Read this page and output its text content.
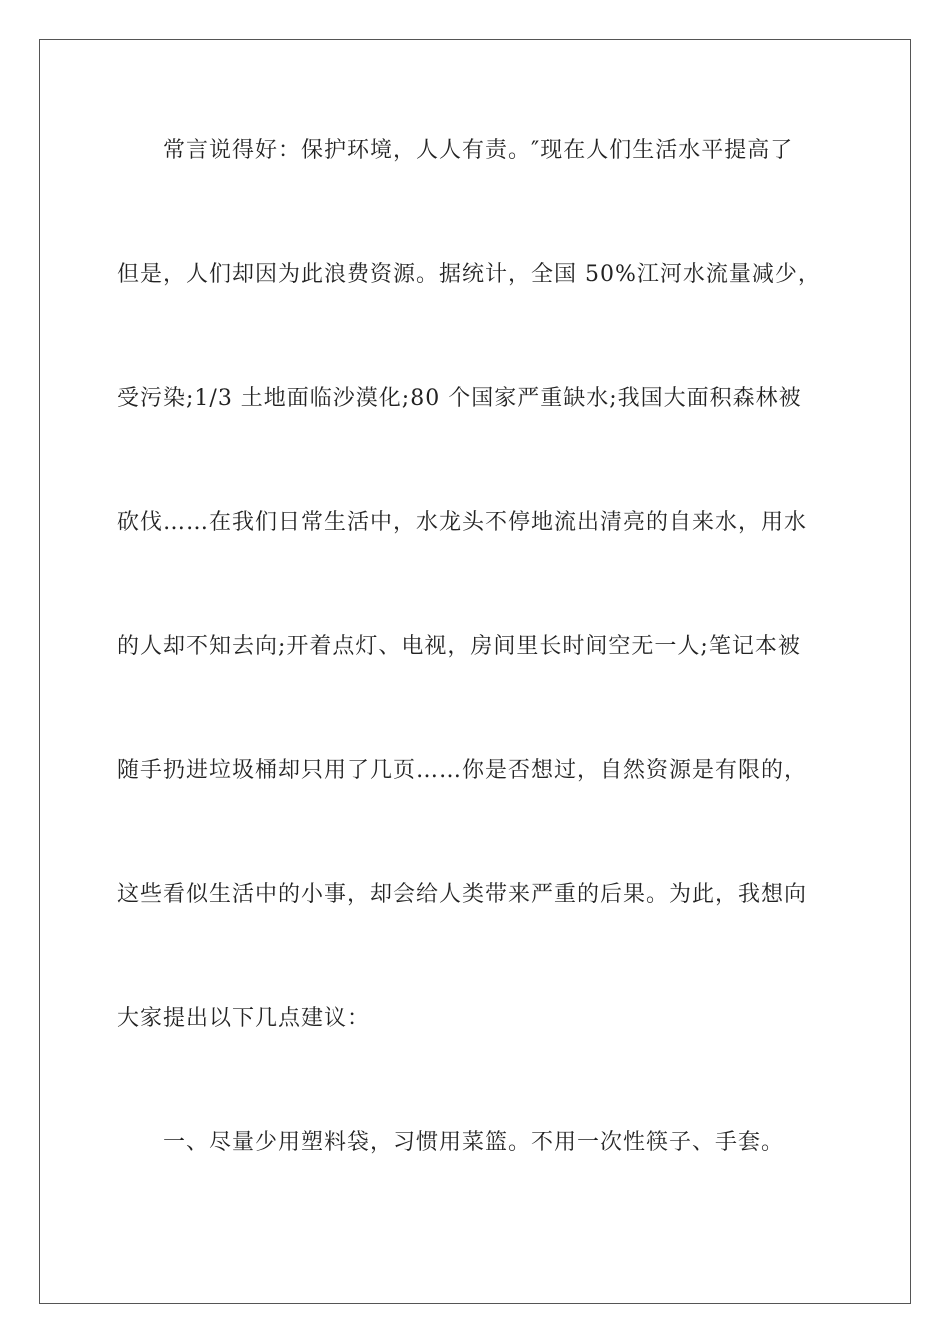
常言说得好：保护环境，人人有责。″现在人们生活水平提高了
但是，人们却因为此浪费资源。据统计，全国 50%江河水流量减少，
受污染;1/3 土地面临沙漠化;80 个国家严重缺水;我国大面积森林被
砍伐……在我们日常生活中，水龙头不停地流出清亮的自来水，用水
的人却不知去向;开着点灯、电视，房间里长时间空无一人;笔记本被
随手扔进垃圾桶却只用了几页……你是否想过，自然资源是有限的，
这些看似生活中的小事，却会给人类带来严重的后果。为此，我想向
大家提出以下几点建议：
一、尽量少用塑料袋，习惯用菜篮。不用一次性筷子、手套。
